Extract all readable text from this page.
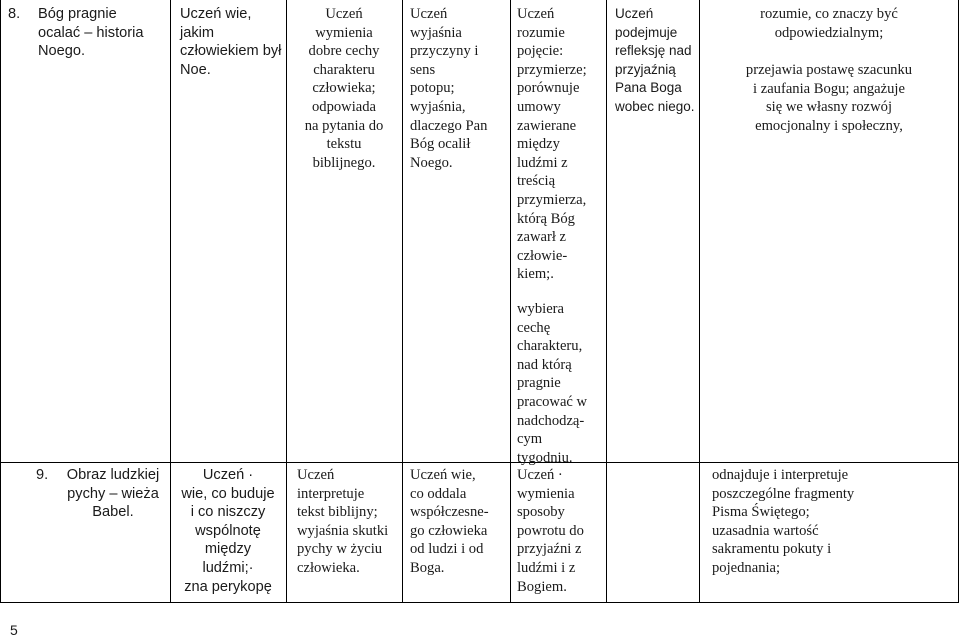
8. Bóg pragnie
ocalać – historia
Noego.
Uczeń wie,
jakim
człowiekiem był
Noe.
Uczeń
wymienia
dobre cechy
charakteru
człowieka;
odpowiada
na pytania do
tekstu
biblijnego.
Uczeń
wyjaśnia
przyczyny i
sens
potopu;
wyjaśnia,
dlaczego Pan
Bóg ocalił
Noego.
Uczeń
rozumie
pojęcie:
przymierze;
porównuje
umowy
zawierane
między
ludźmi z
treścią
przymierza,
którą Bóg
zawarł z
człowie-
kiem;.
wybiera
cechę
charakteru,
nad którą
pragnie
pracować w
nadchodzą-
cym
tygodniu.
Uczeń
podejmuje
refleksję nad
przyjaźnią
Pana Boga
wobec niego.
rozumie, co znaczy być
odpowiedzialnym;
przejawia postawę szacunku
i zaufania Bogu; angażuje
się we własny rozwój
emocjonalny i społeczny,
9.	Obraz ludzkiej
pychy – wieża
Babel.
Uczeń ·
wie, co buduje
i co niszczy
wspólnotę
między
ludźmi;·
zna perykopę
Uczeń
interpretuje
tekst biblijny;
wyjaśnia skutki
pychy w życiu
człowieka.
Uczeń wie,
co oddala
współczesne-
go człowieka
od ludzi i od
Boga.
Uczeń ·
wymienia
sposoby
powrotu do
przyjaźni z
ludźmi i z
Bogiem.
odnajduje i interpretuje
poszczególne fragmenty
Pisma Świętego;
uzasadnia wartość
sakramentu pokuty i
pojednania;
5
